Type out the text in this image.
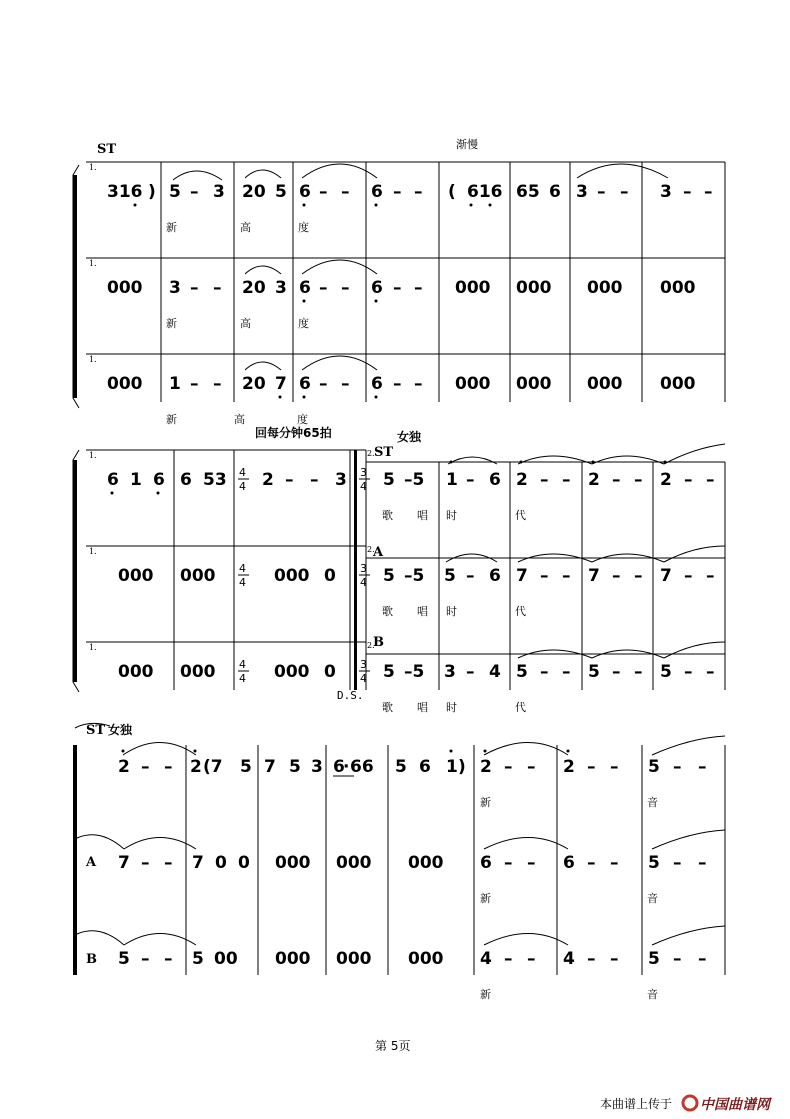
ST	渐慢
1.
1.
1.
316 ) 5 – 3 20 5 6 – – 6 – – ( 616 65 6 3 – – 3 – –
新	高	度
000 3 – – 20 3 6 – – 6 – – 000 000 000 000
新	高	度
000 1 – – 20 7 6 – – 6 – – 000 000 000 000
新	高	度
回每分钟65拍	女独
1.
1.
1.
2. ST
2.
A
2.
B
4
4
4
4
4
4
3
4
3
4
3
4
6 1 6 6 53 2 – – 3 5 –5 1 – 6 2 – – 2 – – 2 – –
歌 唱 时	代
000 000	000 0	5 –5 5 – 6 7 – – 7 – – 7 – –
歌 唱 时	代
000 000	000 0	5 –5 3 – 4 5 – – 5 – – 5 – –
D.S.
歌 唱 时	代
ST 女独
2 – – 2 (7 5 7 5 3 6
· 66 5 6 1 ) 2 – – 2 – – 5 – –
新	音
A 7 – – 7 0 0 000 000 000 6 – – 6 – – 5 – –
新	音
B 5 – – 5 00 000 000 000 4 – – 4 – – 5 – –
新	音
第 5页
本曲谱上传于 中国曲谱网
